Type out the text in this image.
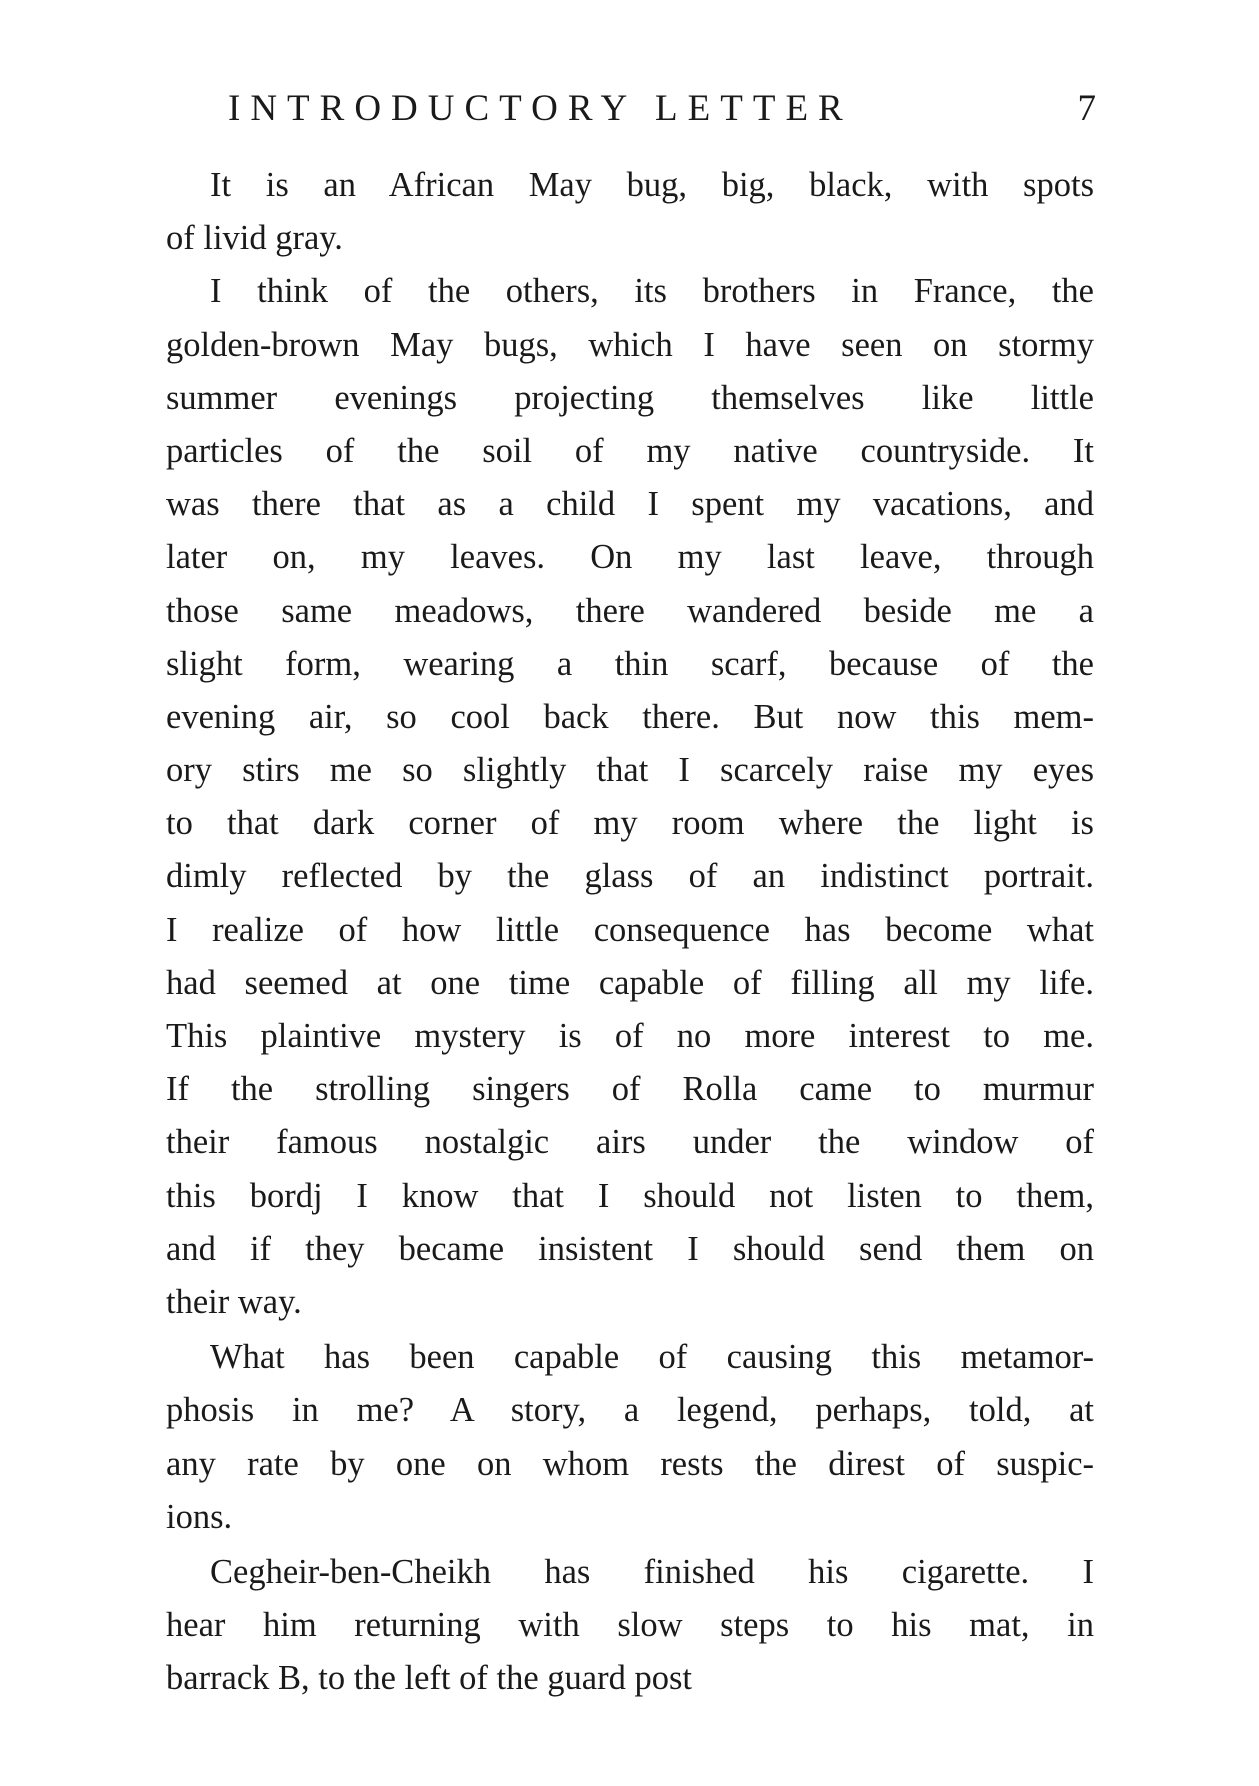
INTRODUCTORY LETTER	7
It is an African May bug, big, black, with spots
of livid gray.
I think of the others, its brothers in France, the
golden-brown May bugs, which I have seen on stormy
summer evenings projecting themselves like little
particles of the soil of my native countryside. It
was there that as a child I spent my vacations, and
later on, my leaves. On my last leave, through
those same meadows, there wandered beside me a
slight form, wearing a thin scarf, because of the
evening air, so cool back there. But now this mem-
ory stirs me so slightly that I scarcely raise my eyes
to that dark corner of my room where the light is
dimly reflected by the glass of an indistinct portrait.
I realize of how little consequence has become what
had seemed at one time capable of filling all my life.
This plaintive mystery is of no more interest to me.
If the strolling singers of Rolla came to murmur
their famous nostalgic airs under the window of
this bordj I know that I should not listen to them,
and if they became insistent I should send them on
their way.
What has been capable of causing this metamor-
phosis in me? A story, a legend, perhaps, told, at
any rate by one on whom rests the direst of suspic-
ions.
Cegheir-ben-Cheikh has finished his cigarette. I
hear him returning with slow steps to his mat, in
barrack B, to the left of the guard post
